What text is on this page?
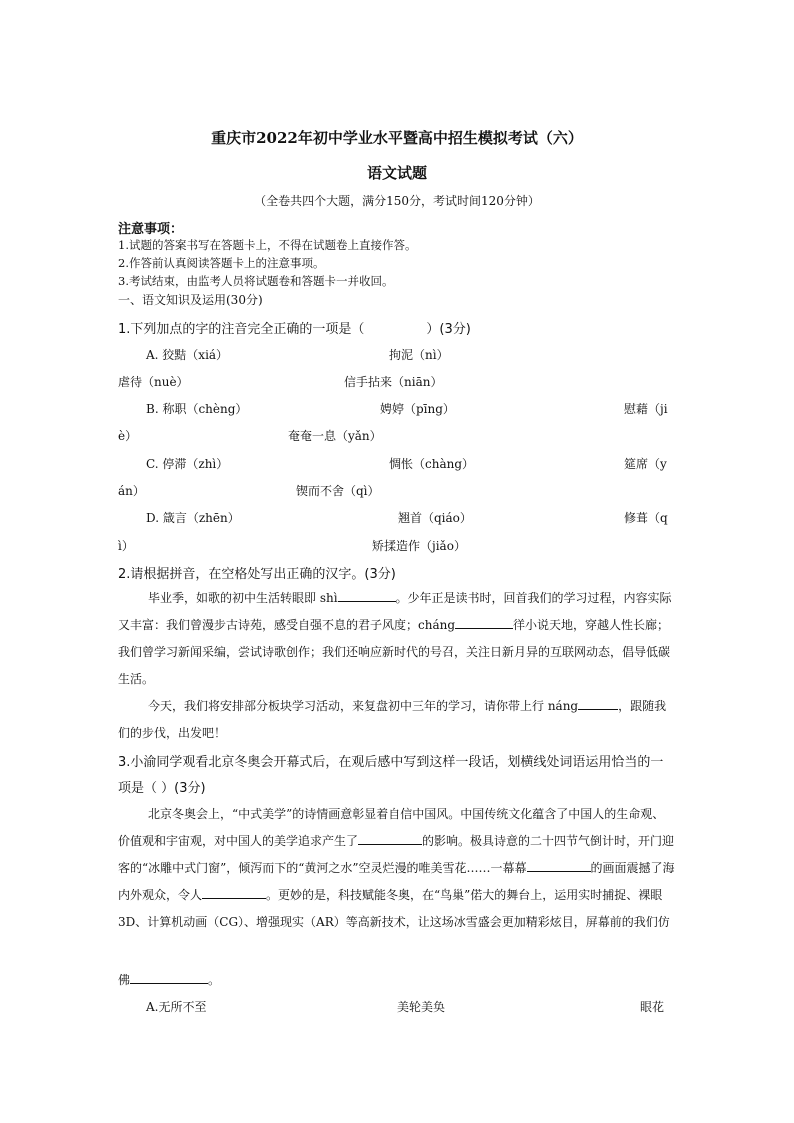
重庆市2022年初中学业水平暨高中招生模拟考试（六）
语文试题
（全卷共四个大题，满分150分，考试时间120分钟）
注意事项：
1.试题的答案书写在答题卡上，不得在试题卷上直接作答。
2.作答前认真阅读答题卡上的注意事项。
3.考试结束，由监考人员将试题卷和答题卡一并收回。
一、语文知识及运用(30分)
1.下列加点的字的注音完全正确的一项是（	）(3分)
A. 狡黠（xiá）	拘泥（nì）
虐待（nuè）	信手拈来（niān）
B. 称职（chèng）	娉婷（pīng）	慰藉（ji
è）	奄奄一息（yǎn）
C. 停滞（zhì）	惆怅（chàng）	筵席（y
án）	锲而不舍（qì）
D. 箴言（zhēn）	翘首（qiáo）	修葺（q
ì）	矫揉造作（jiǎo）
2.请根据拼音，在空格处写出正确的汉字。(3分)
毕业季，如歌的初中生活转眼即 shì	。少年正是读书时，回首我们的学习过程，内容实际又丰富：我们曾漫步古诗苑，感受自强不息的君子风度；cháng	徉小说天地，穿越人性长廊；我们曾学习新闻采编，尝试诗歌创作；我们还响应新时代的号召，关注日新月异的互联网动态，倡导低碳生活。
今天，我们将安排部分板块学习活动，来复盘初中三年的学习，请你带上行 náng	，跟随我们的步伐，出发吧！
3.小渝同学观看北京冬奥会开幕式后，在观后感中写到这样一段话，划横线处词语运用恰当的一项是（ ）(3分)
北京冬奥会上，“中式美学”的诗情画意彰显着自信中国风。中国传统文化蕴含了中国人的生命观、价值观和宇宙观，对中国人的美学追求产生了	的影响。极具诗意的二十四节气倒计时，开门迎客的“冰雕中式门窗”，倾泻而下的“黄河之水”空灵烂漫的唯美雪花……一幕幕	的画面震撼了海内外观众，令人	。更妙的是，科技赋能冬奥，在“鸟巢”偌大的舞台上，运用实时捕捉、裸眼3D、计算机动画（CG）、增强现实（AR）等高新技术，让这场冰雪盛会更加精彩炫目，屏幕前的我们仿
佛	。
A.无所不至	美轮美奂	眼花
